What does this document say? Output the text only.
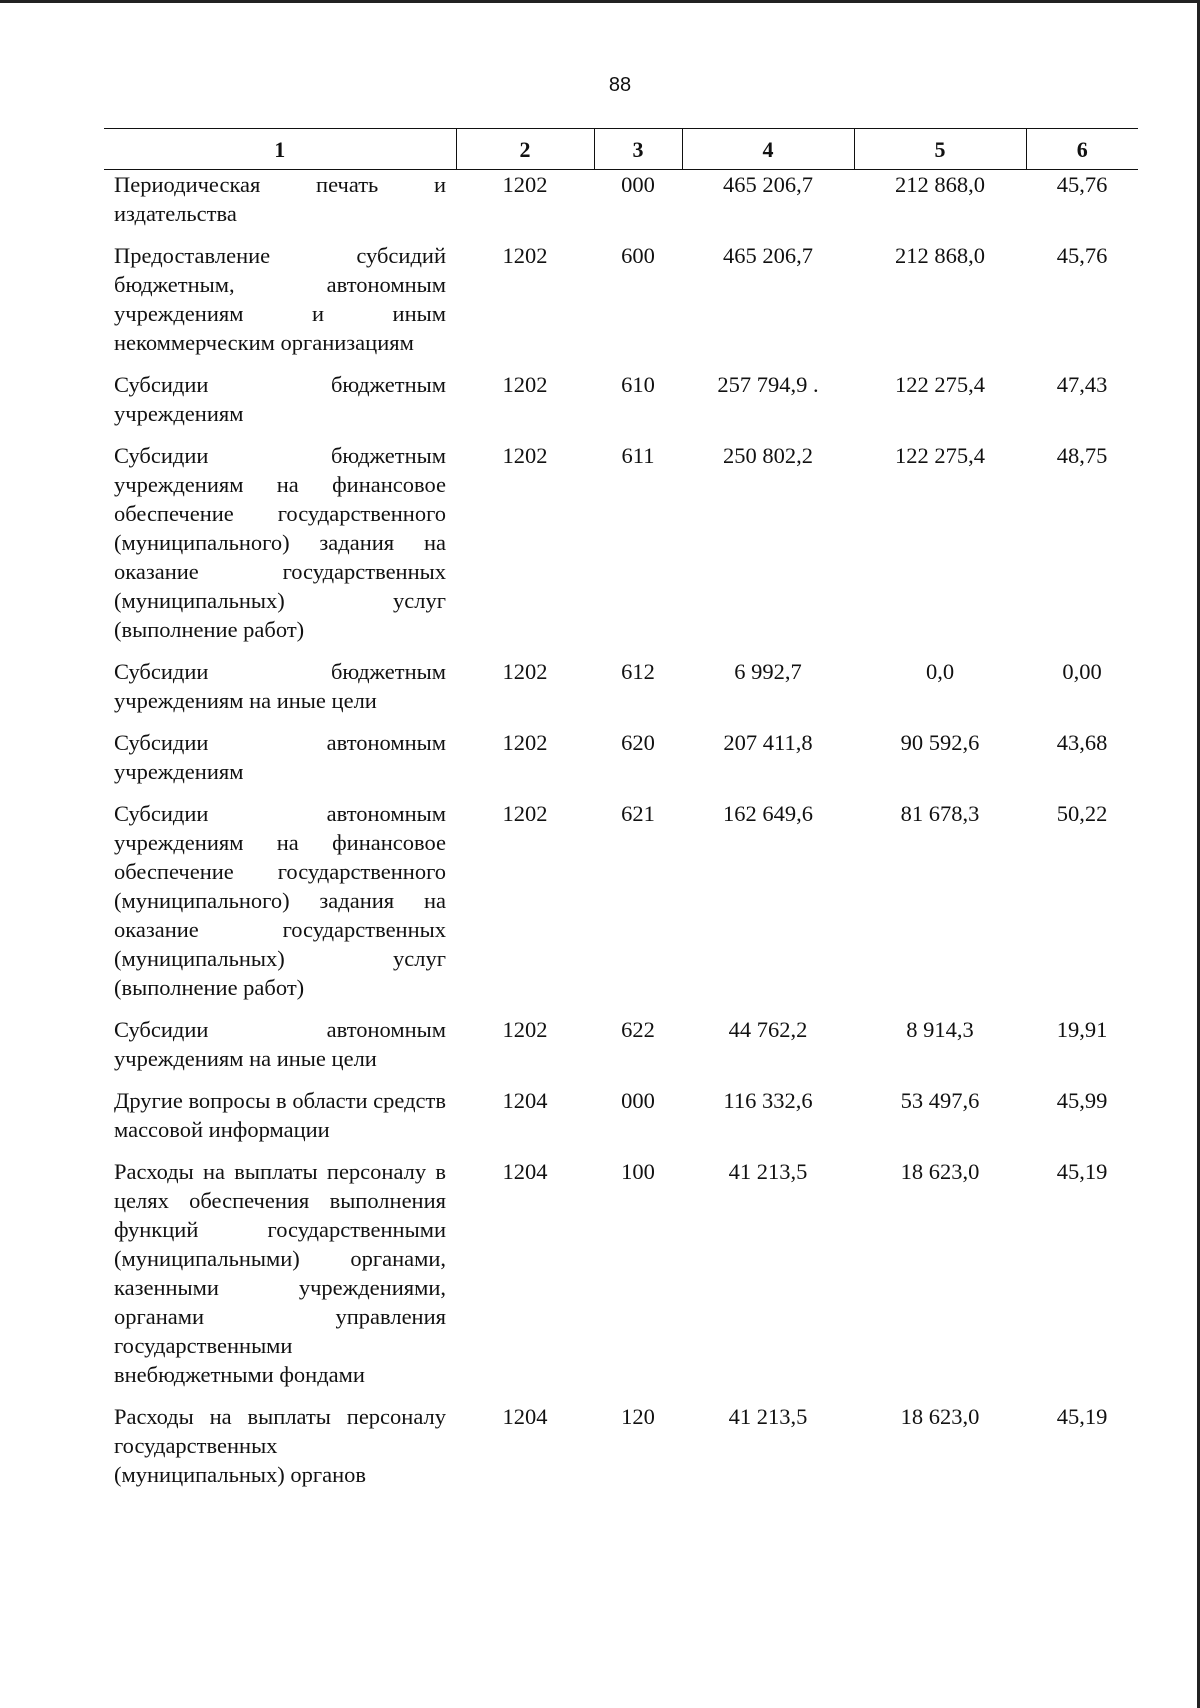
88
1	2	3	4	5	6
Периодическая печать и издательства	1202	000	465 206,7	212 868,0	45,76
Предоставление субсидий бюджетным, автономным учреждениям и иным некоммерческим организациям	1202	600	465 206,7	212 868,0	45,76
Субсидии бюджетным учреждениям	1202	610	257 794,9 .	122 275,4	47,43
Субсидии бюджетным учреждениям на финансовое обеспечение государственного (муниципального) задания на оказание государственных (муниципальных) услуг (выполнение работ)	1202	611	250 802,2	122 275,4	48,75
Субсидии бюджетным учреждениям на иные цели	1202	612	6 992,7	0,0	0,00
Субсидии автономным учреждениям	1202	620	207 411,8	90 592,6	43,68
Субсидии автономным учреждениям на финансовое обеспечение государственного (муниципального) задания на оказание государственных (муниципальных) услуг (выполнение работ)	1202	621	162 649,6	81 678,3	50,22
Субсидии автономным учреждениям на иные цели	1202	622	44 762,2	8 914,3	19,91
Другие вопросы в области средств массовой информации	1204	000	116 332,6	53 497,6	45,99
Расходы на выплаты персоналу в целях обеспечения выполнения функций государственными (муниципальными) органами, казенными учреждениями, органами управления государственными внебюджетными фондами	1204	100	41 213,5	18 623,0	45,19
Расходы на выплаты персоналу государственных (муниципальных) органов	1204	120	41 213,5	18 623,0	45,19
